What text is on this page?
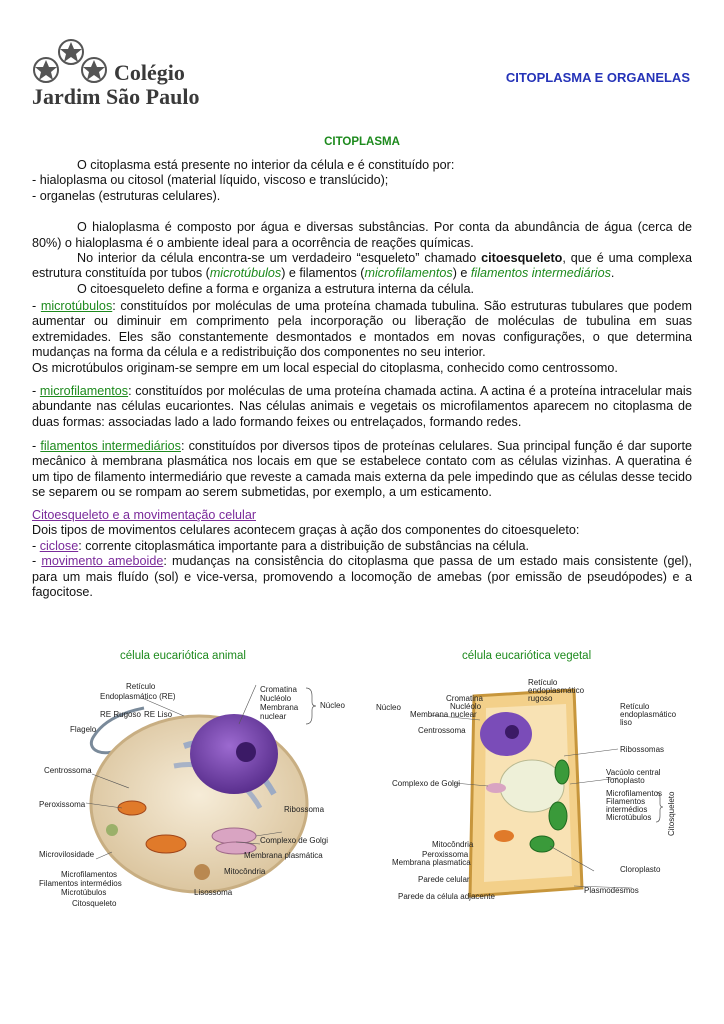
Colégio
Jardim São Paulo
CITOPLASMA E ORGANELAS
CITOPLASMA

O citoplasma está presente no interior da célula e é constituído por:

- hialoplasma ou citosol (material líquido, viscoso e translúcido);

- organelas (estruturas celulares).

O hialoplasma é composto por água e diversas substâncias. Por conta da abundância de água (cerca de 80%) o hialoplasma é o ambiente ideal para a ocorrência de reações químicas.

No interior da célula encontra-se um verdadeiro “esqueleto” chamado citoesqueleto, que é uma complexa estrutura constituída por tubos (microtúbulos) e filamentos (microfilamentos) e filamentos intermediários.

O citoesqueleto define a forma e organiza a estrutura interna da célula.

- microtúbulos: constituídos por moléculas de uma proteína chamada tubulina. São estruturas tubulares que podem aumentar ou diminuir em comprimento pela incorporação ou liberação de moléculas de tubulina em suas extremidades. Eles são constantemente desmontados e montados em novas configurações, o que determina mudanças na forma da célula e a redistribuição dos componentes no seu interior.

Os microtúbulos originam-se sempre em um local especial do citoplasma, conhecido como centrossomo.

- microfilamentos: constituídos por moléculas de uma proteína chamada actina. A actina é a proteína intracelular mais abundante nas células eucariontes. Nas células animais e vegetais os microfilamentos aparecem no citoplasma de duas formas: associadas lado a lado formando feixes ou entrelaçados, formando redes.

- filamentos intermediários: constituídos por diversos tipos de proteínas celulares. Sua principal função é dar suporte mecânico à membrana plasmática nos locais em que se estabelece contato com as células vizinhas. A queratina é um tipo de filamento intermediário que reveste a camada mais externa da pele impedindo que as células desse tecido se separem ou se rompam ao serem submetidas, por exemplo, a um esticamento.

Citoesqueleto e a movimentação celular

Dois tipos de movimentos celulares acontecem graças à ação dos componentes do citoesqueleto:

- ciclose: corrente citoplasmática importante para a distribuição de substâncias na célula.

- movimento ameboide: mudanças na consistência do citoplasma que passa de um estado mais consistente (gel), para um mais fluído (sol) e vice-versa, promovendo a locomoção de amebas (por emissão de pseudópodes) e a fagocitose.

célula eucariótica animal	célula eucariótica vegetal
Retículo
Endoplasmático (RE)
RE Rugoso RE Liso
Flagelo
Centrossoma
Peroxissoma
Microvilosidade
Microfilamentos
Filamentos intermédios
Microtúbulos
Citosqueleto
Lisossoma
Mitocôndria
Membrana plasmática
Complexo de Golgi
Ribossoma
Cromatina
Nucléolo
Membrana
nuclear
Núcleo	Núcleo
Cromatina
Nucléolo
Membrana nuclear
Centrossoma
Complexo de Golgi
Mitocôndria
Peroxissoma
Membrana plasmatica
Parede celular
Parede da célula adjacente
Retículo
endoplasmático
rugoso
Retículo
endoplasmático
liso
Ribossomas
Vacúolo central
Tonoplasto
Microfilamentos
Filamentos
intermédios
Microtúbulos
Cloroplasto
Plasmodesmos
Citosqueleto
